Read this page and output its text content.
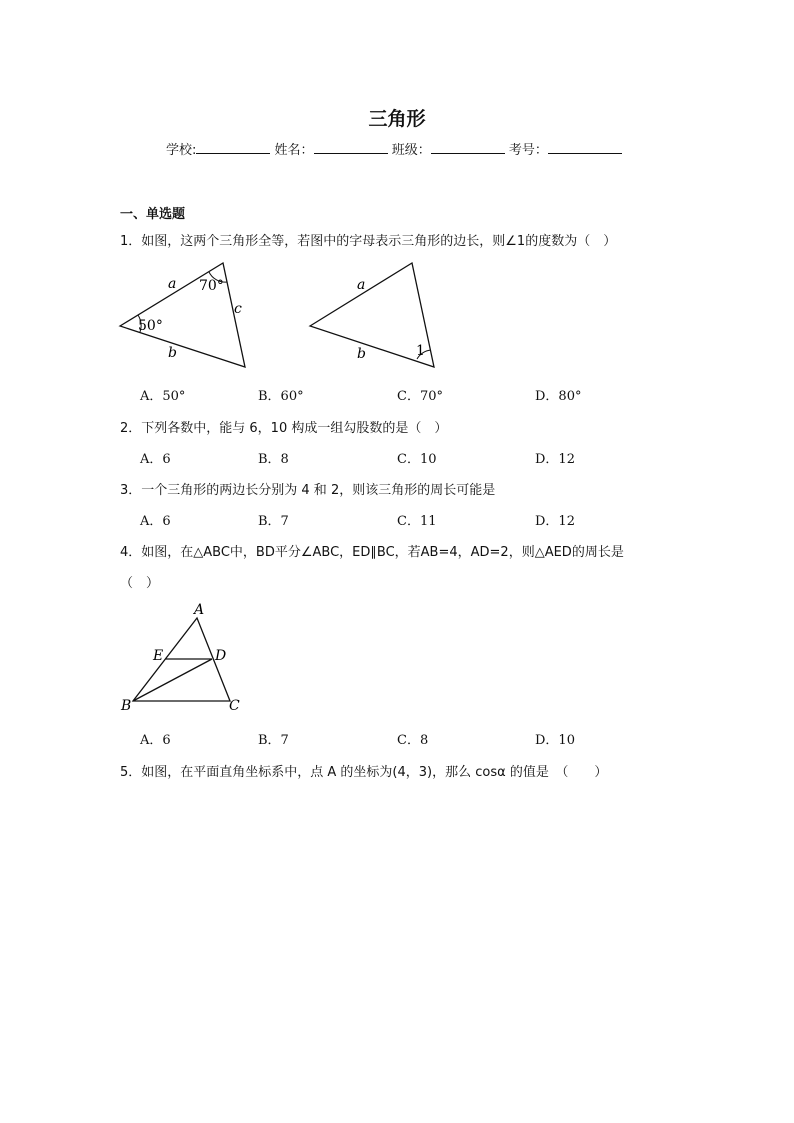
三角形
学校:	姓名：	班级：	考号：
一、单选题
1．如图，这两个三角形全等，若图中的字母表示三角形的边长，则∠1的度数为（　）
a
b
c
70°
50°
a
b	1
A．50°	B．60°	C．70°	D．80°
2．下列各数中，能与 6，10 构成一组勾股数的是（　）
A．6	B．8	C．10	D．12
3．一个三角形的两边长分别为 4 和 2，则该三角形的周长可能是
A．6	B．7	C．11	D．12
4．如图，在△ABC中，BD平分∠ABC，ED∥BC，若AB=4，AD=2，则△AED的周长是
（　）
A
B	C
D
E
A．6	B．7	C．8	D．10
5．如图，在平面直角坐标系中，点 A 的坐标为(4，3)，那么 cosα 的值是　（　　）
